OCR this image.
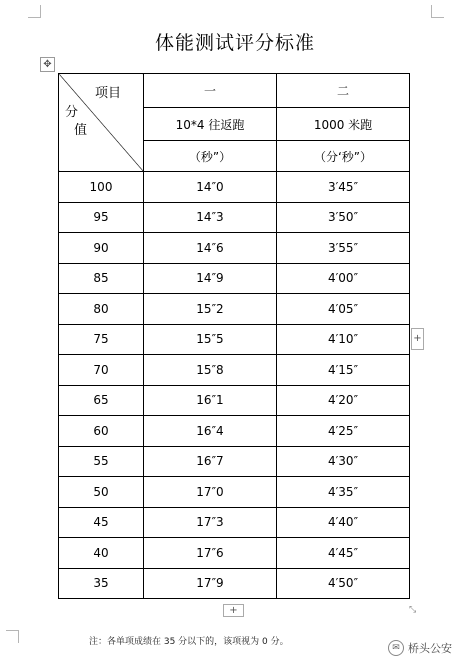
体能测试评分标准
✥
项目
分
值	一	二
	10*4 往返跑	1000 米跑
	（秒”）	（分‘秒”）
100	14″0	3′45″
95	14″3	3′50″
90	14″6	3′55″
85	14″9	4′00″
80	15″2	4′05″
75	15″5	4′10″
70	15″8	4′15″
65	16″1	4′20″
60	16″4	4′25″
55	16″7	4′30″
50	17″0	4′35″
45	17″3	4′40″
40	17″6	4′45″
35	17″9	4′50″
+
+	⤡
注：各单项成绩在 35 分以下的，该项视为 0 分。
✉ 桥头公安
